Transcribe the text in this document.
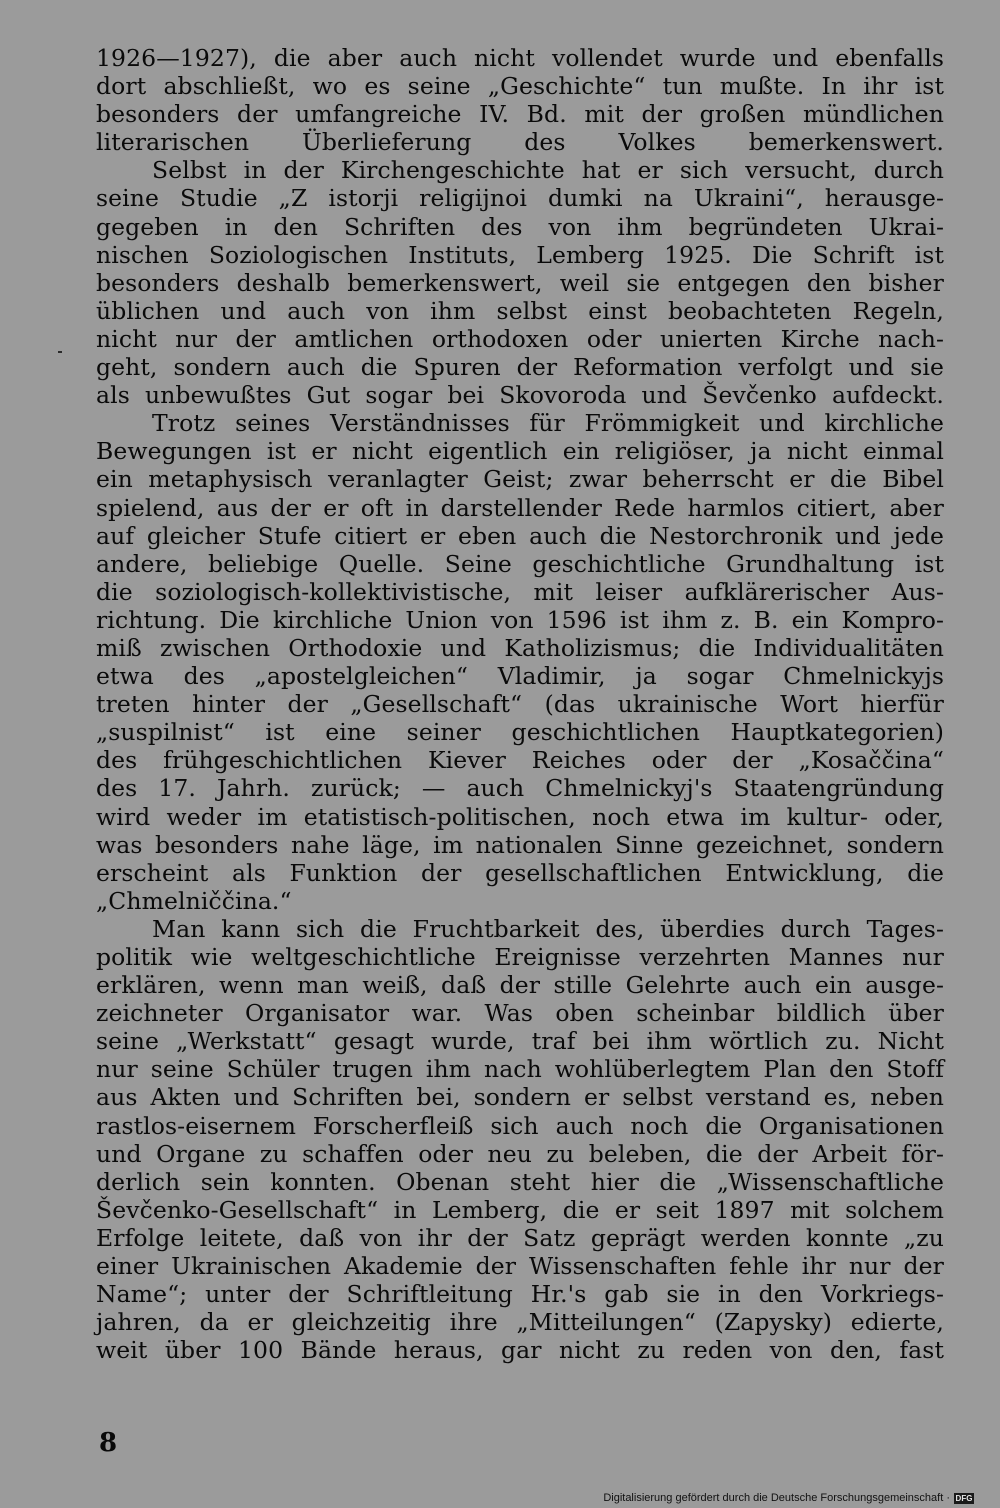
1926—1927), die aber auch nicht vollendet wurde und ebenfalls
dort abschließt, wo es seine „Geschichte“ tun mußte. In ihr ist
besonders der umfangreiche IV. Bd. mit der großen mündlichen
literarischen Überlieferung des Volkes bemerkenswert.

Selbst in der Kirchengeschichte hat er sich versucht, durch
seine Studie „Z istorji religijnoi dumki na Ukraini“, herausge-
gegeben in den Schriften des von ihm begründeten Ukrai-
nischen Soziologischen Instituts, Lemberg 1925. Die Schrift ist
besonders deshalb bemerkenswert, weil sie entgegen den bisher
üblichen und auch von ihm selbst einst beobachteten Regeln,
nicht nur der amtlichen orthodoxen oder unierten Kirche nach-
geht, sondern auch die Spuren der Reformation verfolgt und sie
als unbewußtes Gut sogar bei Skovoroda und Ševčenko aufdeckt.

Trotz seines Verständnisses für Frömmigkeit und kirchliche
Bewegungen ist er nicht eigentlich ein religiöser, ja nicht einmal
ein metaphysisch veranlagter Geist; zwar beherrscht er die Bibel
spielend, aus der er oft in darstellender Rede harmlos citiert, aber
auf gleicher Stufe citiert er eben auch die Nestorchronik und jede
andere, beliebige Quelle. Seine geschichtliche Grundhaltung ist
die soziologisch-kollektivistische, mit leiser aufklärerischer Aus-
richtung. Die kirchliche Union von 1596 ist ihm z. B. ein Kompro-
miß zwischen Orthodoxie und Katholizismus; die Individualitäten
etwa des „apostelgleichen“ Vladimir, ja sogar Chmelnickyjs
treten hinter der „Gesellschaft“ (das ukrainische Wort hierfür
„suspilnist“ ist eine seiner geschichtlichen Hauptkategorien)
des frühgeschichtlichen Kiever Reiches oder der „Kosaččina“
des 17. Jahrh. zurück; — auch Chmelnickyj's Staatengründung
wird weder im etatistisch-politischen, noch etwa im kultur- oder,
was besonders nahe läge, im nationalen Sinne gezeichnet, sondern
erscheint als Funktion der gesellschaftlichen Entwicklung, die
„Chmelniččina.“

Man kann sich die Fruchtbarkeit des, überdies durch Tages-
politik wie weltgeschichtliche Ereignisse verzehrten Mannes nur
erklären, wenn man weiß, daß der stille Gelehrte auch ein ausge-
zeichneter Organisator war. Was oben scheinbar bildlich über
seine „Werkstatt“ gesagt wurde, traf bei ihm wörtlich zu. Nicht
nur seine Schüler trugen ihm nach wohlüberlegtem Plan den Stoff
aus Akten und Schriften bei, sondern er selbst verstand es, neben
rastlos-eisernem Forscherfleiß sich auch noch die Organisationen
und Organe zu schaffen oder neu zu beleben, die der Arbeit för-
derlich sein konnten. Obenan steht hier die „Wissenschaftliche
Ševčenko-Gesellschaft“ in Lemberg, die er seit 1897 mit solchem
Erfolge leitete, daß von ihr der Satz geprägt werden konnte „zu
einer Ukrainischen Akademie der Wissenschaften fehle ihr nur der
Name“; unter der Schriftleitung Hr.'s gab sie in den Vorkriegs-
jahren, da er gleichzeitig ihre „Mitteilungen“ (Zapysky) edierte,
weit über 100 Bände heraus, gar nicht zu reden von den, fast

8
Digitalisierung gefördert durch die Deutsche Forschungsgemeinschaft · DFG
